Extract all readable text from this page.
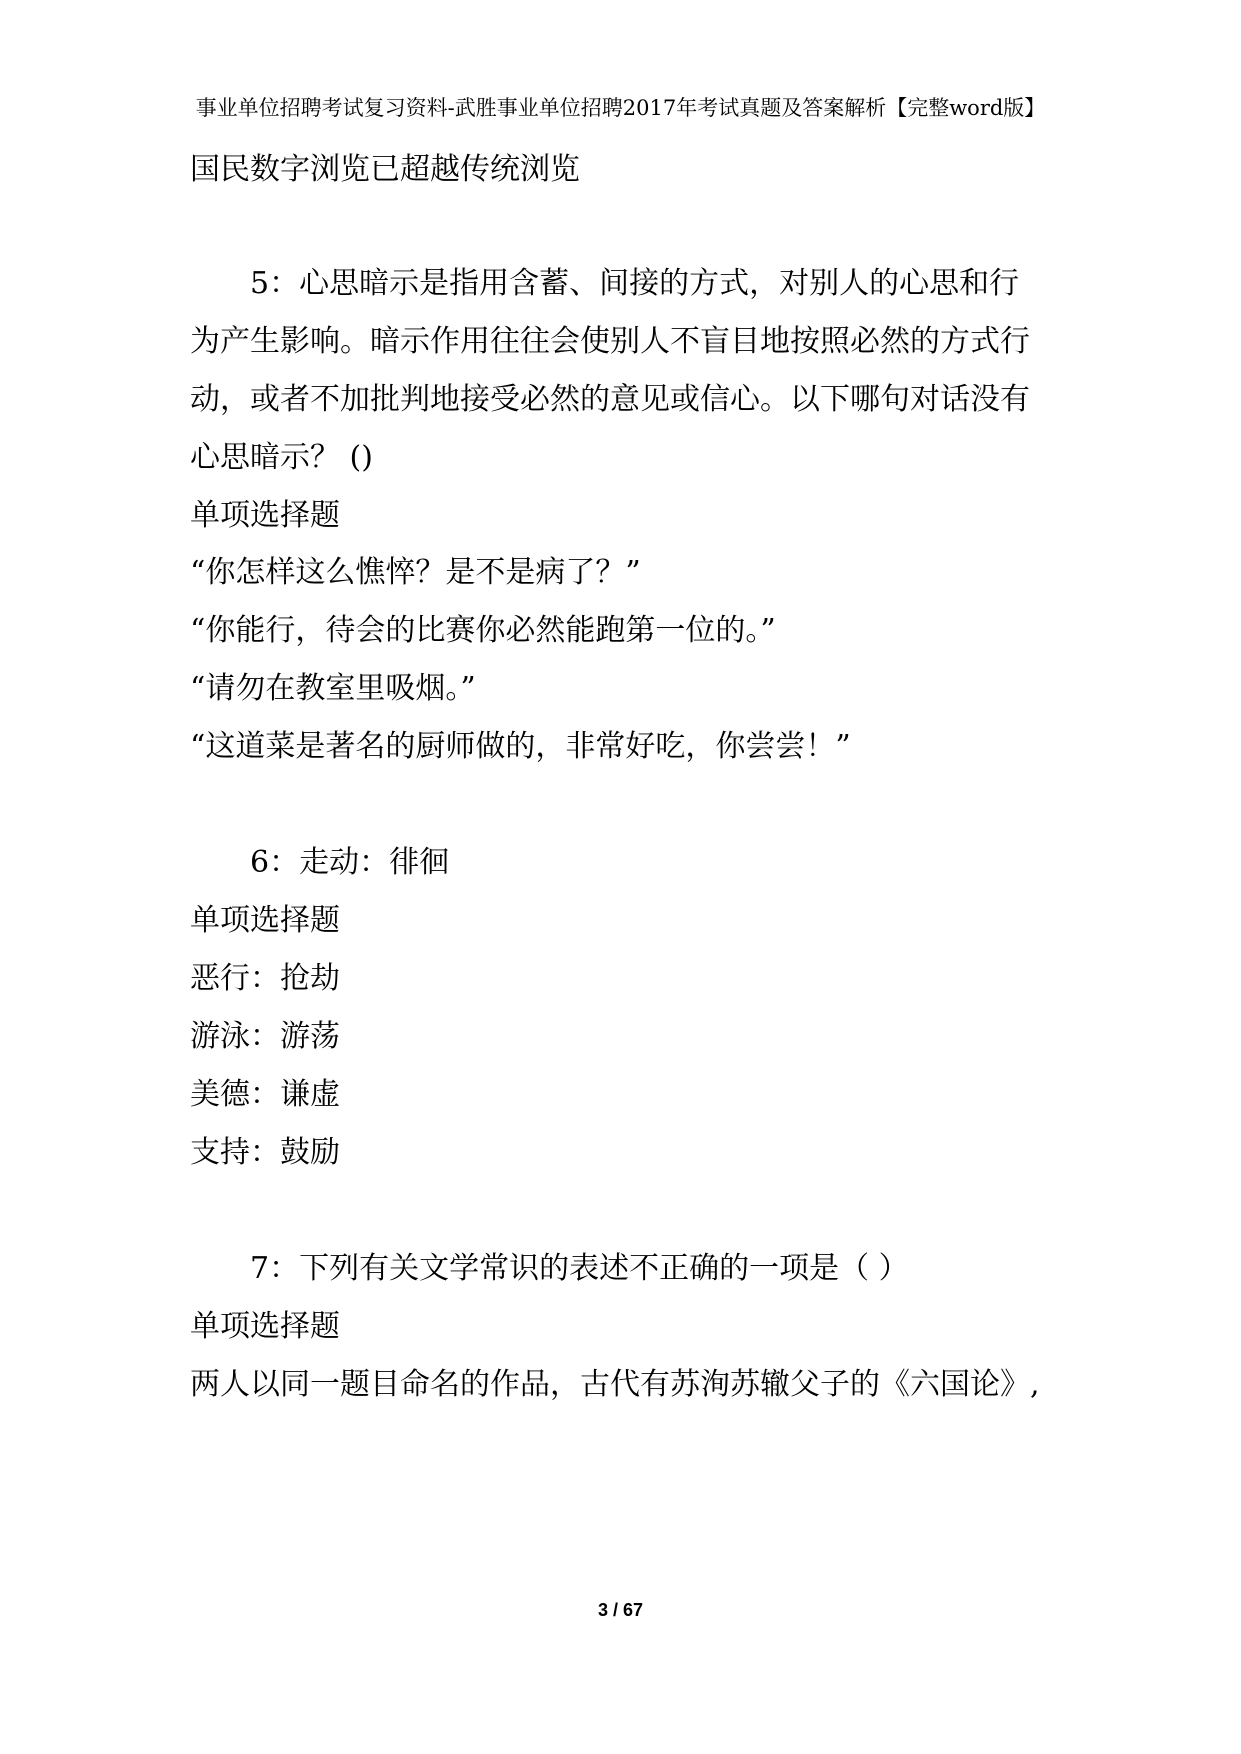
事业单位招聘考试复习资料-武胜事业单位招聘2017年考试真题及答案解析【完整word版】
国民数字浏览已超越传统浏览
5：心思暗示是指用含蓄、间接的方式，对别人的心思和行
为产生影响。暗示作用往往会使别人不盲目地按照必然的方式行
动，或者不加批判地接受必然的意见或信心。以下哪句对话没有
心思暗示？ ()
单项选择题
“你怎样这么憔悴？是不是病了？”
“你能行，待会的比赛你必然能跑第一位的。”
“请勿在教室里吸烟。”
“这道菜是著名的厨师做的，非常好吃，你尝尝！”
6：走动：徘徊
单项选择题
恶行：抢劫
游泳：游荡
美德：谦虚
支持：鼓励
7：下列有关文学常识的表述不正确的一项是（ ）
单项选择题
两人以同一题目命名的作品，古代有苏洵苏辙父子的《六国论》,
3 / 67
